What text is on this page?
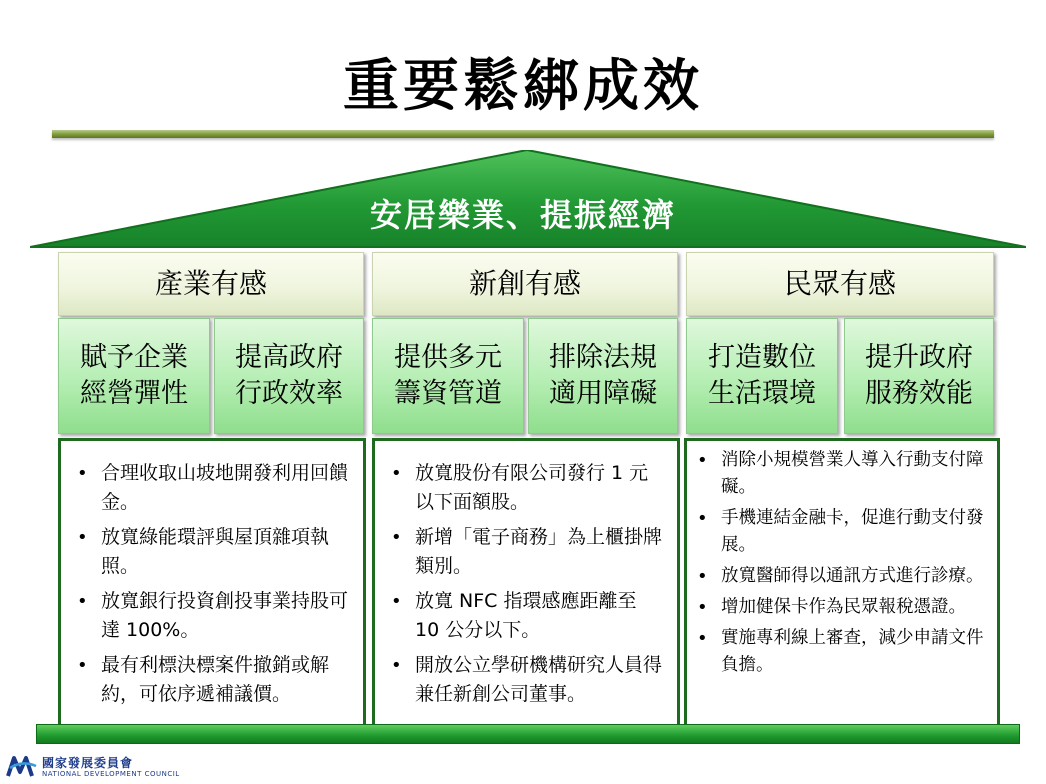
重要鬆綁成效
安居樂業、提振經濟
產業有感	新創有感	民眾有感
賦予企業
經營彈性
提高政府
行政效率
提供多元
籌資管道
排除法規
適用障礙
打造數位
生活環境
提升政府
服務效能
• 合理收取山坡地開發利用回饋金。
• 放寬綠能環評與屋頂雜項執照。
• 放寬銀行投資創投事業持股可達 100%。
• 最有利標決標案件撤銷或解約，可依序遞補議價。
• 放寬股份有限公司發行 1 元以下面額股。
• 新增「電子商務」為上櫃掛牌類別。
• 放寬 NFC 指環感應距離至 10 公分以下。
• 開放公立學研機構研究人員得兼任新創公司董事。
• 消除小規模營業人導入行動支付障礙。
• 手機連結金融卡，促進行動支付發展。
• 放寬醫師得以通訊方式進行診療。
• 增加健保卡作為民眾報稅憑證。
• 實施專利線上審查，減少申請文件負擔。
國家發展委員會
NATIONAL DEVELOPMENT COUNCIL
